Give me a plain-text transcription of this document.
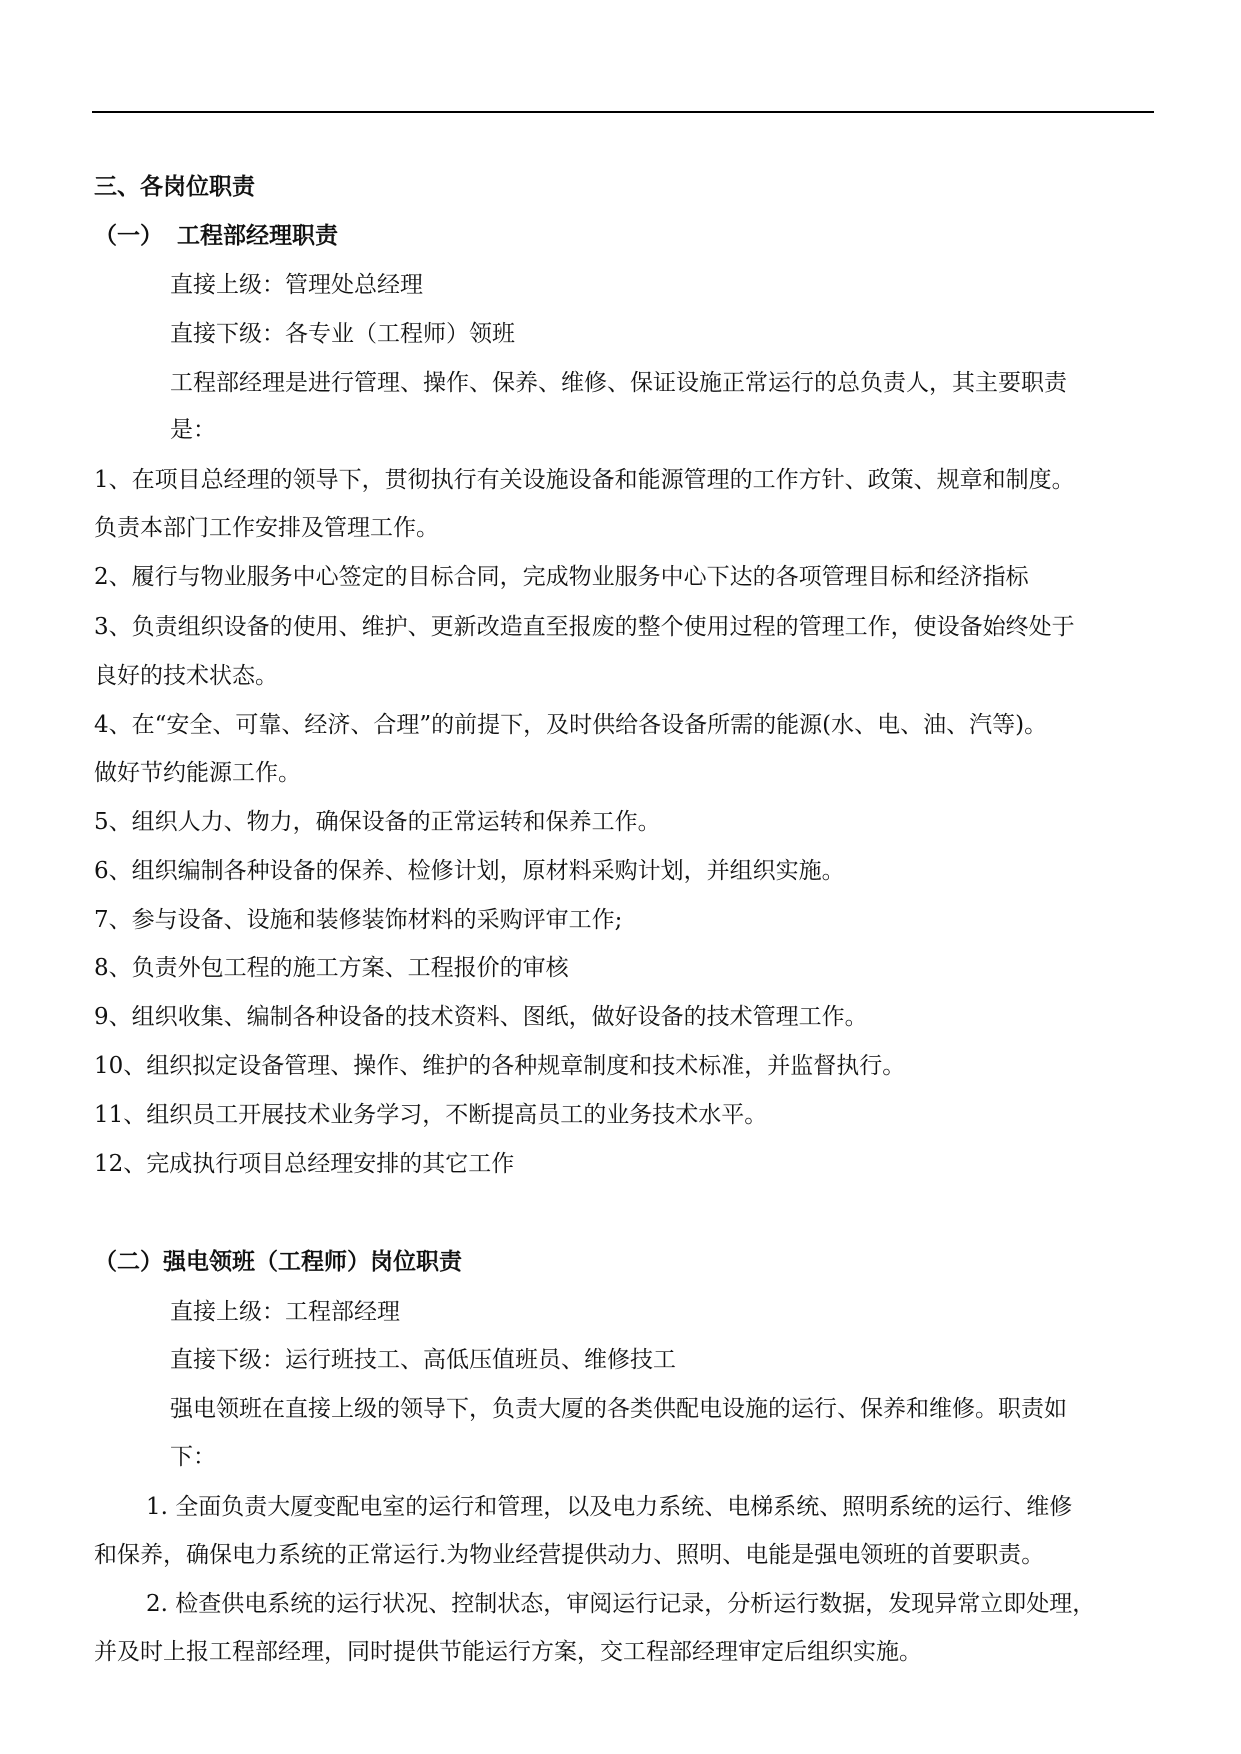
三、各岗位职责
（一） 工程部经理职责
直接上级：管理处总经理
直接下级：各专业（工程师）领班
工程部经理是进行管理、操作、保养、维修、保证设施正常运行的总负责人，其主要职责
是：
1、在项目总经理的领导下，贯彻执行有关设施设备和能源管理的工作方针、政策、规章和制度。
负责本部门工作安排及管理工作。
2、履行与物业服务中心签定的目标合同，完成物业服务中心下达的各项管理目标和经济指标
3、负责组织设备的使用、维护、更新改造直至报废的整个使用过程的管理工作，使设备始终处于
良好的技术状态。
4、在“安全、可靠、经济、合理”的前提下，及时供给各设备所需的能源(水、电、油、汽等)。
做好节约能源工作。
5、组织人力、物力，确保设备的正常运转和保养工作。
6、组织编制各种设备的保养、检修计划，原材料采购计划，并组织实施。
7、参与设备、设施和装修装饰材料的采购评审工作;
8、负责外包工程的施工方案、工程报价的审核
9、组织收集、编制各种设备的技术资料、图纸，做好设备的技术管理工作。
10、组织拟定设备管理、操作、维护的各种规章制度和技术标准，并监督执行。
11、组织员工开展技术业务学习，不断提高员工的业务技术水平。
12、完成执行项目总经理安排的其它工作
（二）强电领班（工程师）岗位职责
直接上级：工程部经理
直接下级：运行班技工、高低压值班员、维修技工
强电领班在直接上级的领导下，负责大厦的各类供配电设施的运行、保养和维修。职责如
下：
1. 全面负责大厦变配电室的运行和管理，以及电力系统、电梯系统、照明系统的运行、维修
和保养，确保电力系统的正常运行.为物业经营提供动力、照明、电能是强电领班的首要职责。
2. 检查供电系统的运行状况、控制状态，审阅运行记录，分析运行数据，发现异常立即处理，
并及时上报工程部经理，同时提供节能运行方案，交工程部经理审定后组织实施。
